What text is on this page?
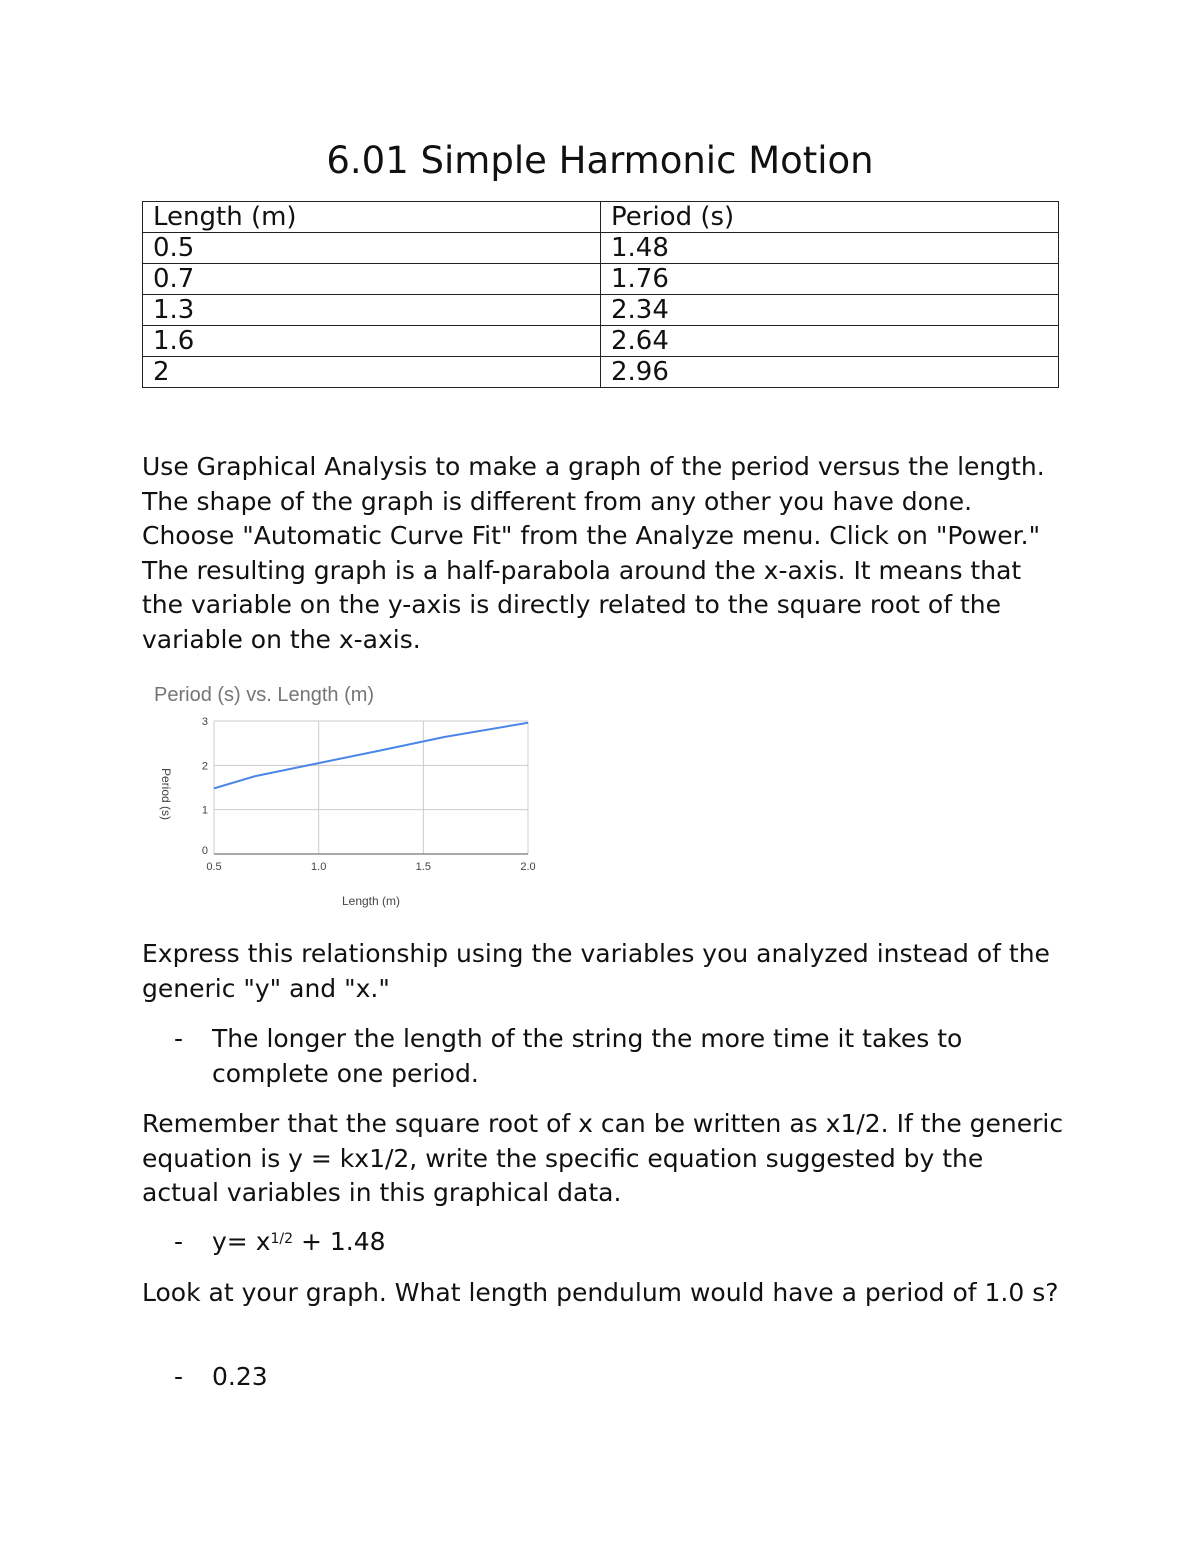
6.01 Simple Harmonic Motion
Length (m)	Period (s)
0.5	1.48
0.7	1.76
1.3	2.34
1.6	2.64
2	2.96

Use Graphical Analysis to make a graph of the period versus the length. The shape of the graph is different from any other you have done. Choose "Automatic Curve Fit" from the Analyze menu. Click on "Power." The resulting graph is a half-parabola around the x-axis. It means that the variable on the y-axis is directly related to the square root of the variable on the x-axis.

Period (s) vs. Length (m)
0.5	1.0	1.5	2.0
0
1
2
3
Length (m)
Period (s)

Express this relationship using the variables you analyzed instead of the generic "y" and "x."

- The longer the length of the string the more time it takes to complete one period.

Remember that the square root of x can be written as x1/2. If the generic equation is y = kx1/2, write the specific equation suggested by the actual variables in this graphical data.

- $y= x^{1/2} + 1.48$

Look at your graph. What length pendulum would have a period of 1.0 s?

- 0.23
